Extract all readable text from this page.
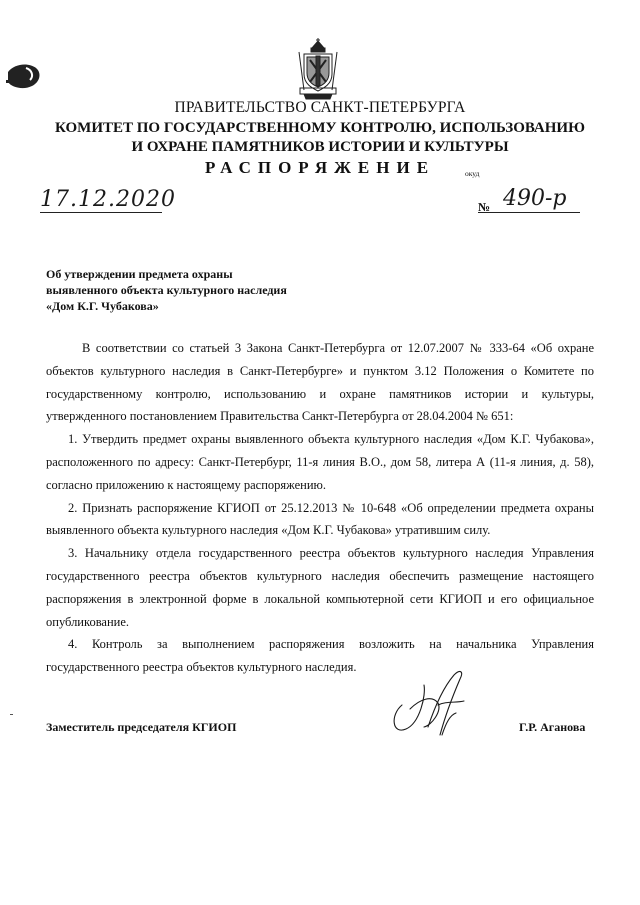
ПРАВИТЕЛЬСТВО САНКТ-ПЕТЕРБУРГА
КОМИТЕТ ПО ГОСУДАРСТВЕННОМУ КОНТРОЛЮ, ИСПОЛЬЗОВАНИЮ
И ОХРАНЕ ПАМЯТНИКОВ ИСТОРИИ И КУЛЬТУРЫ
РАСПОРЯЖЕНИЕ	окуд
17.12.2020	№ 490-р
Об утверждении предмета охраны
выявленного объекта культурного наследия
«Дом К.Г. Чубакова»

В соответствии со статьей 3 Закона Санкт-Петербурга от 12.07.2007 № 333-64 «Об охране объектов культурного наследия в Санкт-Петербурге» и пунктом 3.12 Положения о Комитете по государственному контролю, использованию и охране памятников истории и культуры, утвержденного постановлением Правительства Санкт-Петербурга от 28.04.2004 № 651:

1. Утвердить предмет охраны выявленного объекта культурного наследия «Дом К.Г. Чубакова», расположенного по адресу: Санкт-Петербург, 11-я линия В.О., дом 58, литера А (11-я линия, д. 58), согласно приложению к настоящему распоряжению.

2. Признать распоряжение КГИОП от 25.12.2013 № 10-648 «Об определении предмета охраны выявленного объекта культурного наследия «Дом К.Г. Чубакова» утратившим силу.

3. Начальнику отдела государственного реестра объектов культурного наследия Управления государственного реестра объектов культурного наследия обеспечить размещение настоящего распоряжения в электронной форме в локальной компьютерной сети КГИОП и его официальное опубликование.

4. Контроль за выполнением распоряжения возложить на начальника Управления государственного реестра объектов культурного наследия.

Заместитель председателя КГИОП	Г.Р. Аганова
